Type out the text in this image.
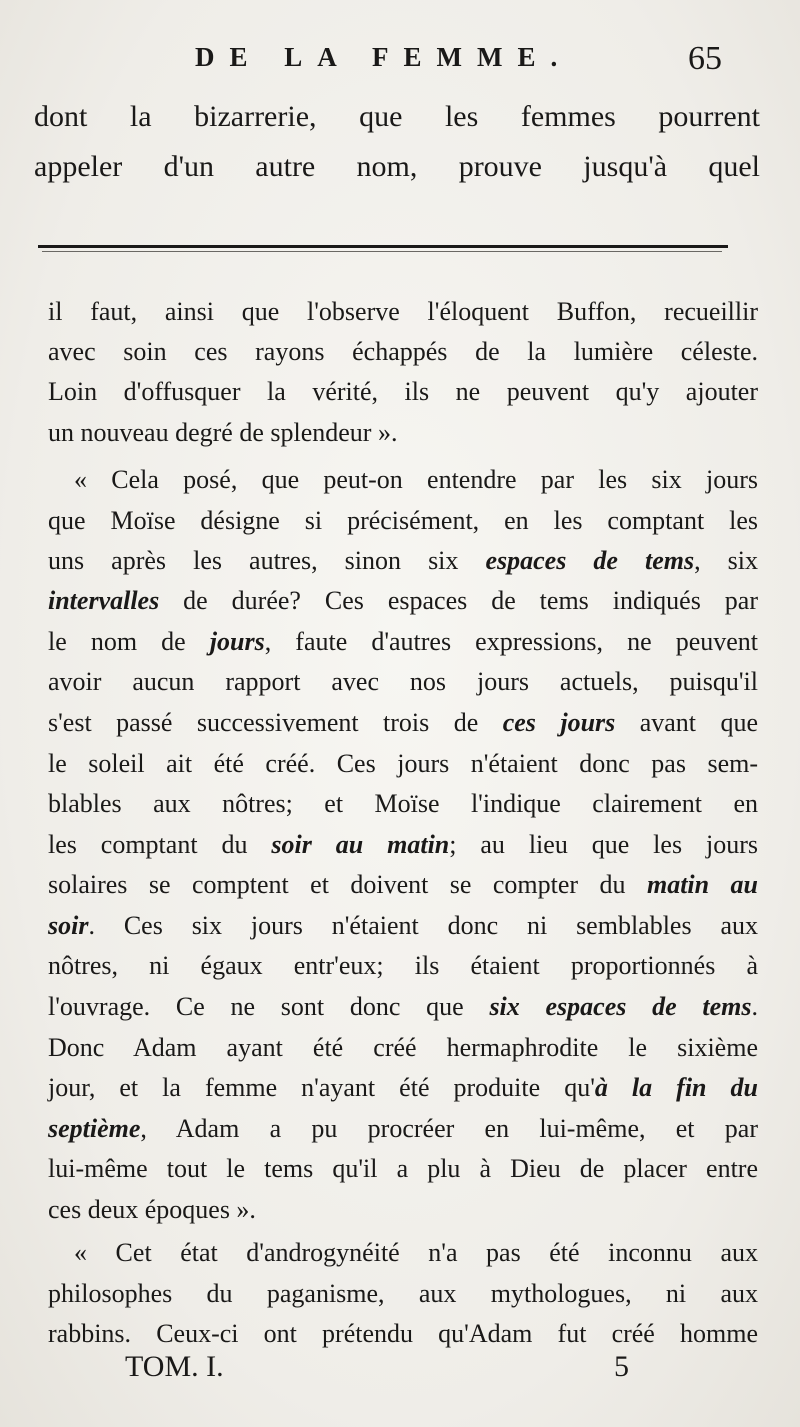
DE LA FEMME.	65
dont la bizarrerie, que les femmes pourrent
appeler d'un autre nom, prouve jusqu'à quel
il faut, ainsi que l'observe l'éloquent Buffon, recueillir
avec soin ces rayons échappés de la lumière céleste.
Loin d'offusquer la vérité, ils ne peuvent qu'y ajouter
un nouveau degré de splendeur ».
« Cela posé, que peut-on entendre par les six jours
que Moïse désigne si précisément, en les comptant les
uns après les autres, sinon six espaces de tems, six
intervalles de durée? Ces espaces de tems indiqués par
le nom de jours, faute d'autres expressions, ne peuvent
avoir aucun rapport avec nos jours actuels, puisqu'il
s'est passé successivement trois de ces jours avant que
le soleil ait été créé. Ces jours n'étaient donc pas sem-
blables aux nôtres; et Moïse l'indique clairement en
les comptant du soir au matin; au lieu que les jours
solaires se comptent et doivent se compter du matin au
soir. Ces six jours n'étaient donc ni semblables aux
nôtres, ni égaux entr'eux; ils étaient proportionnés à
l'ouvrage. Ce ne sont donc que six espaces de tems.
Donc Adam ayant été créé hermaphrodite le sixième
jour, et la femme n'ayant été produite qu'à la fin du
septième, Adam a pu procréer en lui-même, et par
lui-même tout le tems qu'il a plu à Dieu de placer entre
ces deux époques ».
« Cet état d'androgynéité n'a pas été inconnu aux
philosophes du paganisme, aux mythologues, ni aux
rabbins. Ceux-ci ont prétendu qu'Adam fut créé homme
TOM. I.	5
